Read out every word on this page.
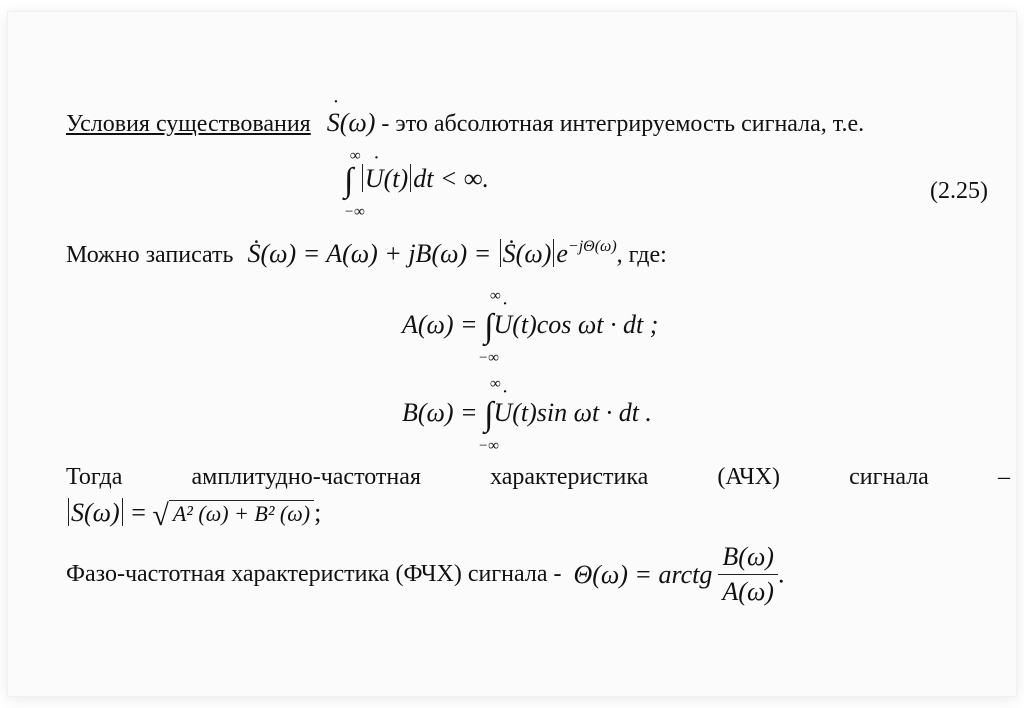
Условия существования ˙ S(ω) - это абсолютная интегрируемость сигнала, т.е.
∞
∫
−∞
˙ U(t) dt < ∞.	(2.25)
Можно записать Ṡ(ω) = A(ω) + jB(ω) = Ṡ(ω) $e^{-j\Theta(\omega)}$, где:
A(ω) =
∞
∫
−∞
˙ U(t)cos ωt · dt ;
B(ω) =
∞
∫
−∞
˙ U(t)sin ωt · dt .
Тогда	амплитудно-частотная	характеристика	(АЧХ)	сигнала	–
S(ω) = √ A² (ω) + B² (ω) ;
Фазо-частотная характеристика (ФЧХ) сигнала - Θ(ω) = arctg $\frac{B(\omega)}{A(\omega)}$ .
